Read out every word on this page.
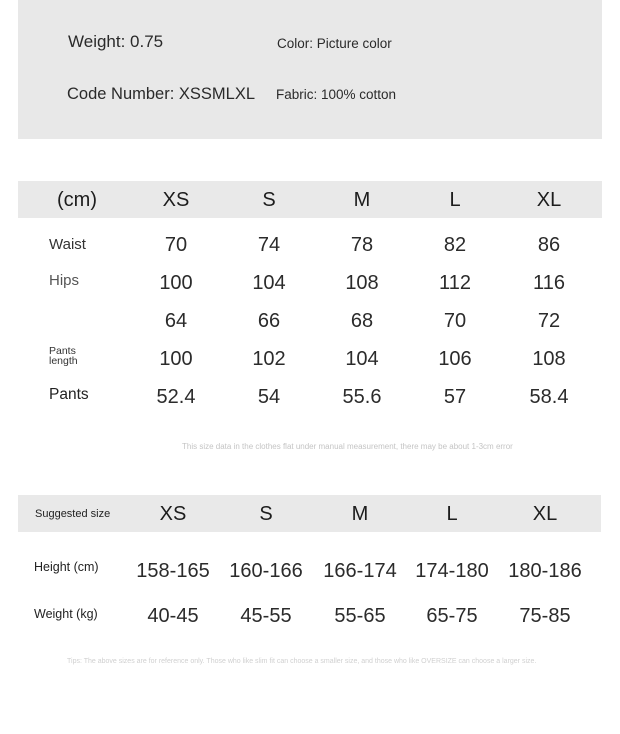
Weight: 0.75	Color: Picture color
Code Number: XSSMLXL Fabric: 100% cotton
(cm)	XS	S	M	L	XL
Waist	70	74	78	82	86
Hips	100	104	108	112	116
64	66	68	70	72
Pants
length	100	102	104	106	108
Pants	52.4	54	55.6	57	58.4
This size data in the clothes flat under manual measurement, there may be about 1-3cm error
Suggested size XS	S	M	L	XL
Height (cm) 158-165 160-166 166-174 174-180 180-186
Weight (kg) 40-45 45-55 55-65 65-75 75-85
Tips: The above sizes are for reference only. Those who like slim fit can choose a smaller size, and those who like OVERSIZE can choose a larger size.
